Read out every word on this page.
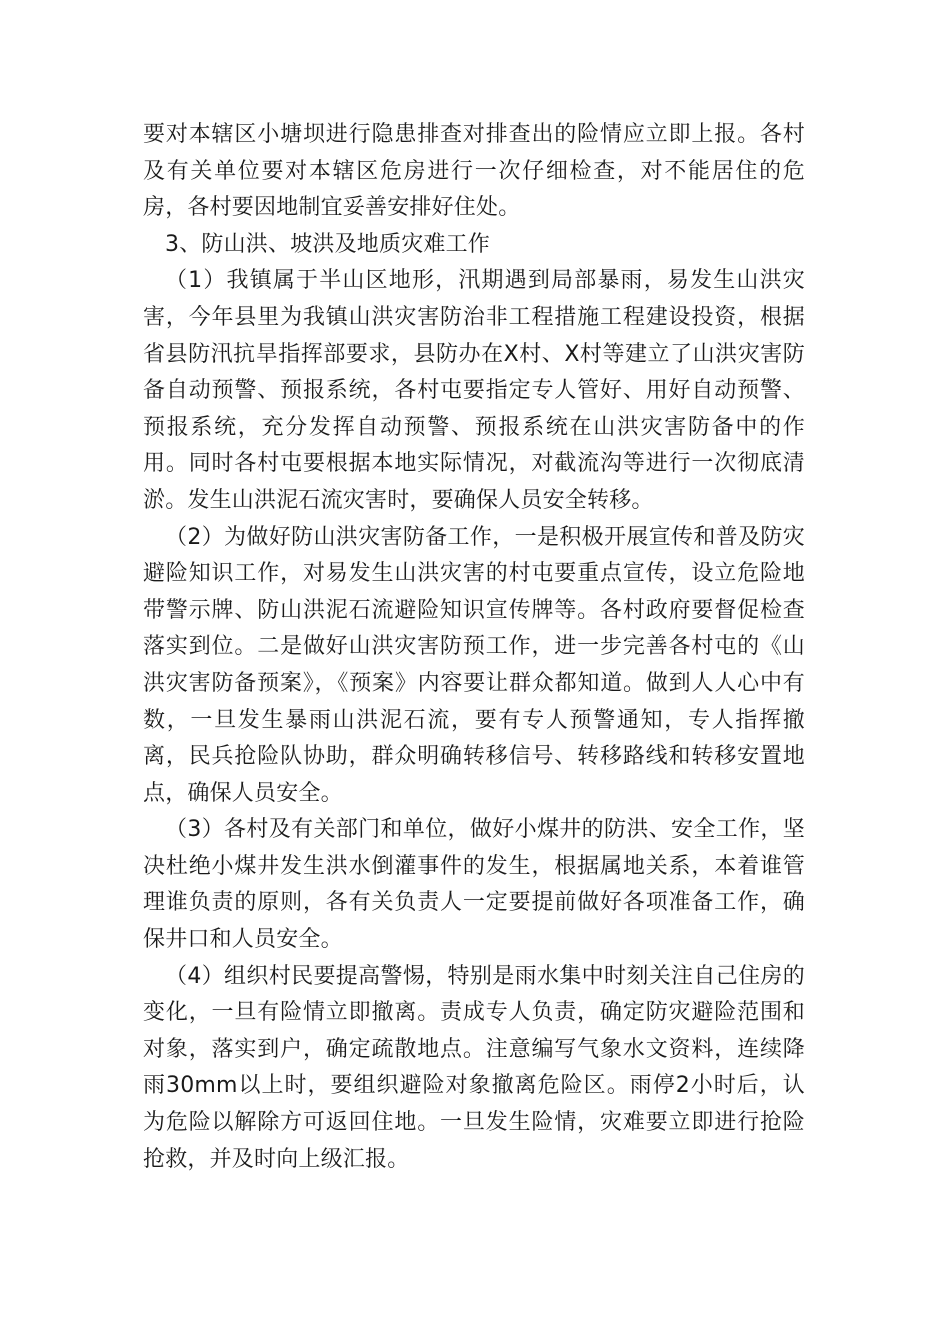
要对本辖区小塘坝进行隐患排查对排查出的险情应立即上报。各村及有关单位要对本辖区危房进行一次仔细检查，对不能居住的危房，各村要因地制宜妥善安排好住处。

3、防山洪、坡洪及地质灾难工作

（1）我镇属于半山区地形，汛期遇到局部暴雨，易发生山洪灾害，今年县里为我镇山洪灾害防治非工程措施工程建设投资，根据省县防汛抗旱指挥部要求，县防办在X村、X村等建立了山洪灾害防备自动预警、预报系统，各村屯要指定专人管好、用好自动预警、预报系统，充分发挥自动预警、预报系统在山洪灾害防备中的作用。同时各村屯要根据本地实际情况，对截流沟等进行一次彻底清淤。发生山洪泥石流灾害时，要确保人员安全转移。

（2）为做好防山洪灾害防备工作，一是积极开展宣传和普及防灾避险知识工作，对易发生山洪灾害的村屯要重点宣传，设立危险地带警示牌、防山洪泥石流避险知识宣传牌等。各村政府要督促检查落实到位。二是做好山洪灾害防预工作，进一步完善各村屯的《山洪灾害防备预案》，《预案》内容要让群众都知道。做到人人心中有数，一旦发生暴雨山洪泥石流，要有专人预警通知，专人指挥撤离，民兵抢险队协助，群众明确转移信号、转移路线和转移安置地点，确保人员安全。

（3）各村及有关部门和单位，做好小煤井的防洪、安全工作，坚决杜绝小煤井发生洪水倒灌事件的发生，根据属地关系，本着谁管理谁负责的原则，各有关负责人一定要提前做好各项准备工作，确保井口和人员安全。

（4）组织村民要提高警惕，特别是雨水集中时刻关注自己住房的变化，一旦有险情立即撤离。责成专人负责，确定防灾避险范围和对象，落实到户，确定疏散地点。注意编写气象水文资料，连续降雨30mm以上时，要组织避险对象撤离危险区。雨停2小时后，认为危险以解除方可返回住地。一旦发生险情，灾难要立即进行抢险抢救，并及时向上级汇报。
